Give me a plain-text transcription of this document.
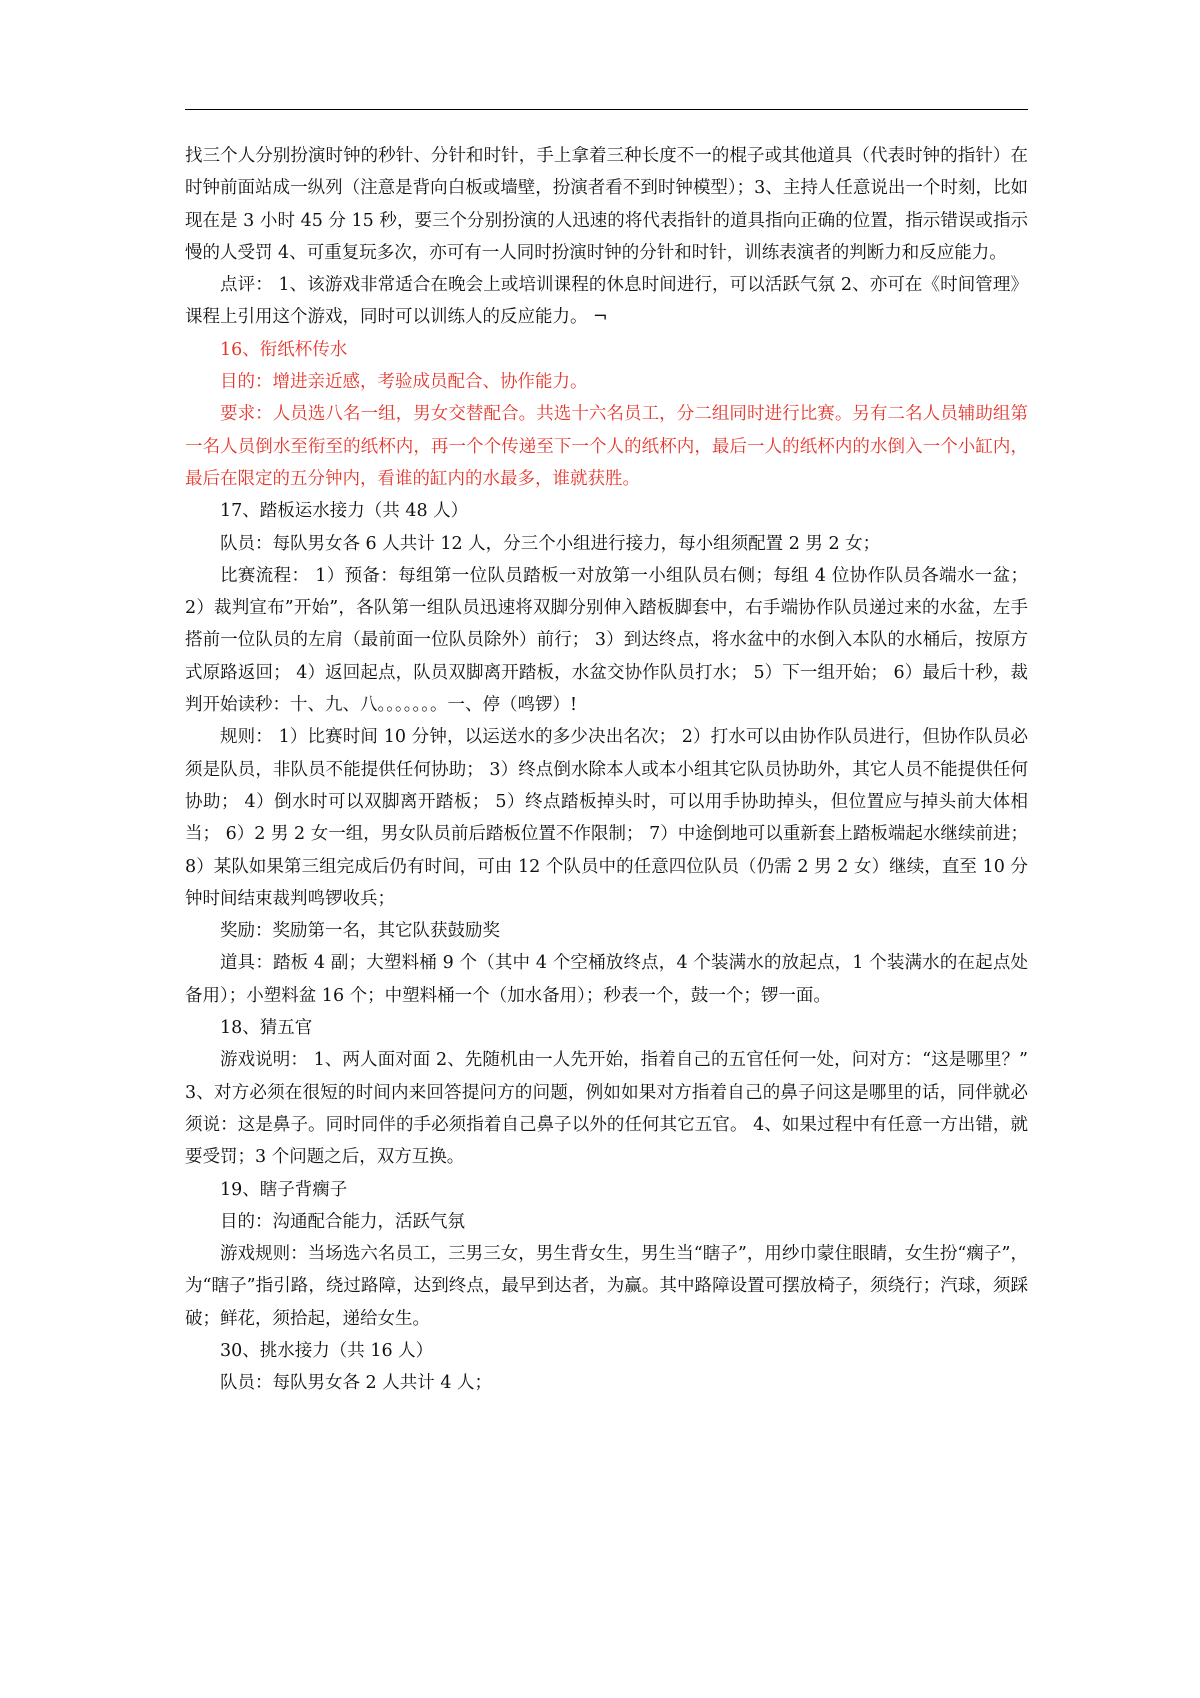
找三个人分别扮演时钟的秒针、分针和时针，手上拿着三种长度不一的棍子或其他道具（代表时钟的指针）在时钟前面站成一纵列（注意是背向白板或墙壁，扮演者看不到时钟模型）；3、主持人任意说出一个时刻，比如现在是 3 小时 45 分 15 秒，要三个分别扮演的人迅速的将代表指针的道具指向正确的位置，指示错误或指示慢的人受罚 4、可重复玩多次，亦可有一人同时扮演时钟的分针和时针，训练表演者的判断力和反应能力。

点评： 1、该游戏非常适合在晚会上或培训课程的休息时间进行，可以活跃气氛 2、亦可在《时间管理》课程上引用这个游戏，同时可以训练人的反应能力。 ¬

16、衔纸杯传水

目的：增进亲近感，考验成员配合、协作能力。

要求：人员选八名一组，男女交替配合。共选十六名员工，分二组同时进行比赛。另有二名人员辅助组第一名人员倒水至衔至的纸杯内，再一个个传递至下一个人的纸杯内，最后一人的纸杯内的水倒入一个小缸内，最后在限定的五分钟内，看谁的缸内的水最多，谁就获胜。

17、踏板运水接力（共 48 人）

队员：每队男女各 6 人共计 12 人，分三个小组进行接力，每小组须配置 2 男 2 女；

比赛流程： 1）预备：每组第一位队员踏板一对放第一小组队员右侧；每组 4 位协作队员各端水一盆； 2）裁判宣布”开始”，各队第一组队员迅速将双脚分别伸入踏板脚套中，右手端协作队员递过来的水盆，左手搭前一位队员的左肩（最前面一位队员除外）前行； 3）到达终点，将水盆中的水倒入本队的水桶后，按原方式原路返回； 4）返回起点，队员双脚离开踏板，水盆交协作队员打水； 5）下一组开始； 6）最后十秒，裁判开始读秒：十、九、八。。。。。。。一、停（鸣锣）!

规则： 1）比赛时间 10 分钟，以运送水的多少决出名次； 2）打水可以由协作队员进行，但协作队员必须是队员，非队员不能提供任何协助； 3）终点倒水除本人或本小组其它队员协助外，其它人员不能提供任何协助； 4）倒水时可以双脚离开踏板； 5）终点踏板掉头时，可以用手协助掉头，但位置应与掉头前大体相当； 6）2 男 2 女一组，男女队员前后踏板位置不作限制； 7）中途倒地可以重新套上踏板端起水继续前进； 8）某队如果第三组完成后仍有时间，可由 12 个队员中的任意四位队员（仍需 2 男 2 女）继续，直至 10 分钟时间结束裁判鸣锣收兵；

奖励：奖励第一名，其它队获鼓励奖

道具：踏板 4 副；大塑料桶 9 个（其中 4 个空桶放终点，4 个装满水的放起点，1 个装满水的在起点处备用）；小塑料盆 16 个；中塑料桶一个（加水备用）；秒表一个，鼓一个；锣一面。

18、猜五官

游戏说明： 1、两人面对面 2、先随机由一人先开始，指着自己的五官任何一处，问对方：“这是哪里？” 3、对方必须在很短的时间内来回答提问方的问题，例如如果对方指着自己的鼻子问这是哪里的话，同伴就必须说：这是鼻子。同时同伴的手必须指着自己鼻子以外的任何其它五官。 4、如果过程中有任意一方出错，就要受罚；3 个问题之后，双方互换。

19、瞎子背瘸子

目的：沟通配合能力，活跃气氛

游戏规则：当场选六名员工，三男三女，男生背女生，男生当“瞎子”，用纱巾蒙住眼睛，女生扮“瘸子”，为“瞎子”指引路，绕过路障，达到终点，最早到达者，为赢。其中路障设置可摆放椅子，须绕行；汽球，须踩破；鲜花，须拾起，递给女生。

30、挑水接力（共 16 人）

队员：每队男女各 2 人共计 4 人；
